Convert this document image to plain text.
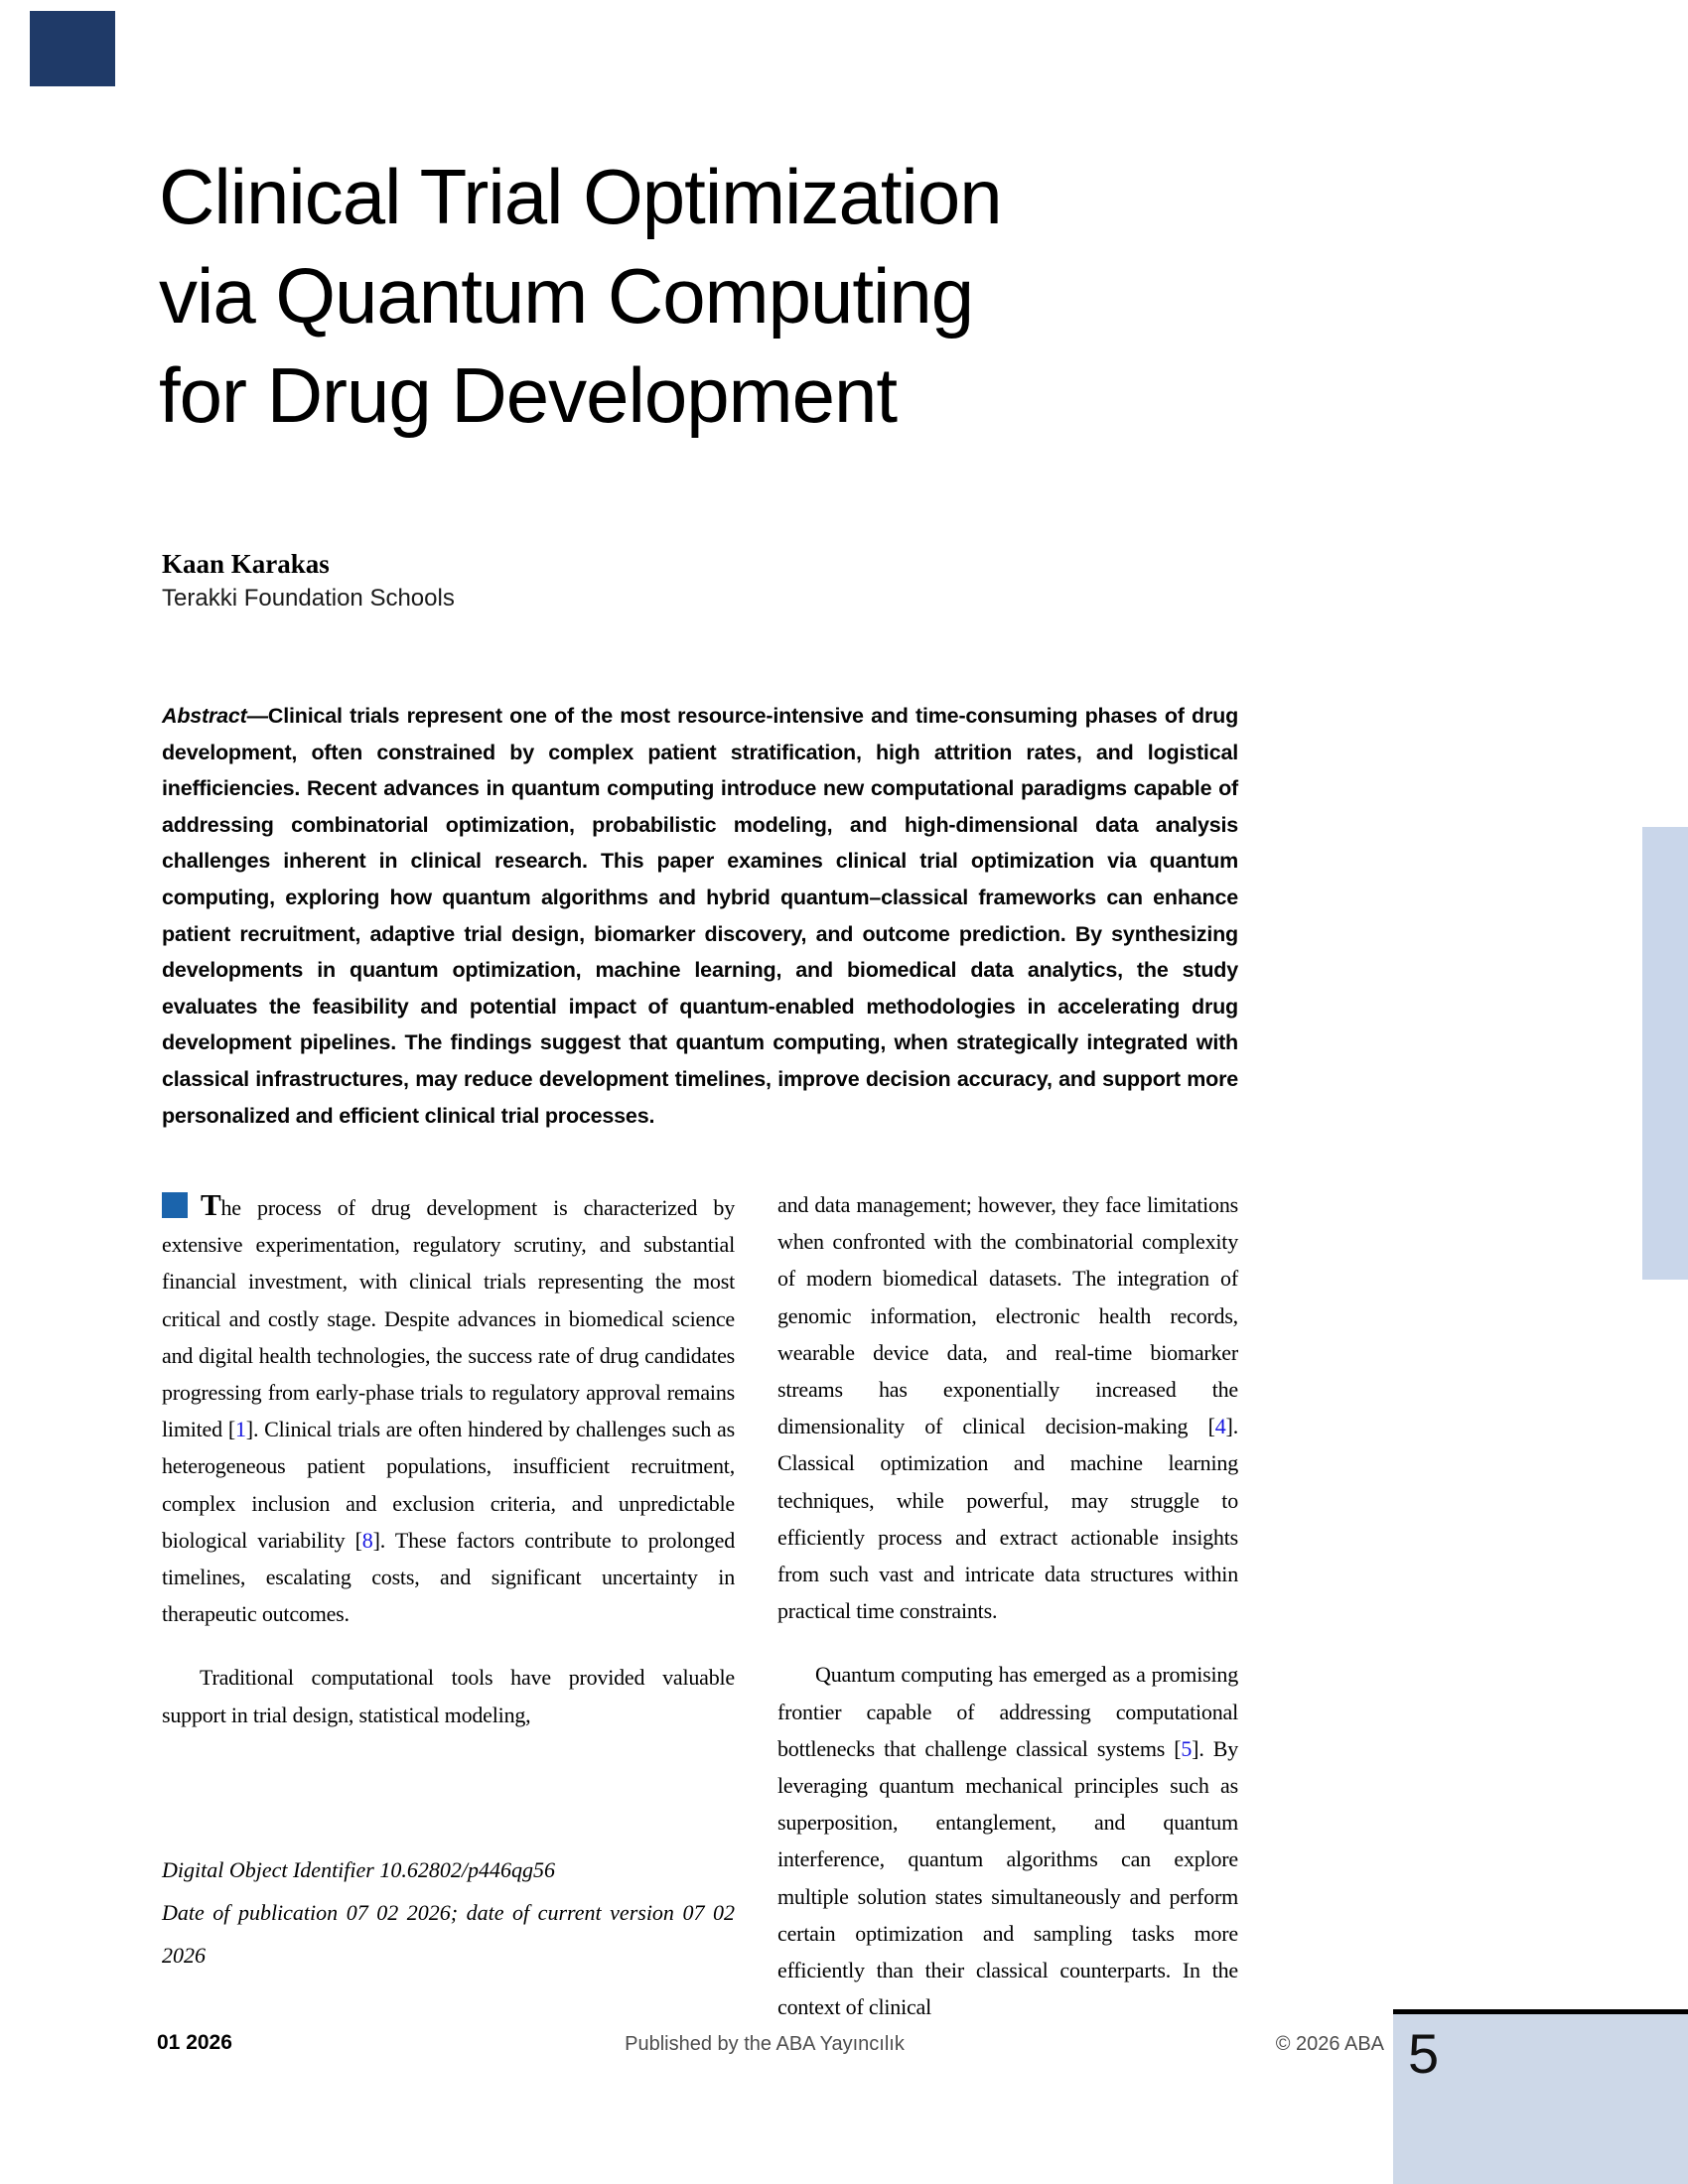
Clinical Trial Optimization
via Quantum Computing
for Drug Development
Kaan Karakas
Terakki Foundation Schools
Abstract—Clinical trials represent one of the most resource-intensive and time-consuming phases of drug development, often constrained by complex patient stratification, high attrition rates, and logistical inefficiencies. Recent advances in quantum computing introduce new computational paradigms capable of addressing combinatorial optimization, probabilistic modeling, and high-dimensional data analysis challenges inherent in clinical research. This paper examines clinical trial optimization via quantum computing, exploring how quantum algorithms and hybrid quantum–classical frameworks can enhance patient recruitment, adaptive trial design, biomarker discovery, and outcome prediction. By synthesizing developments in quantum optimization, machine learning, and biomedical data analytics, the study evaluates the feasibility and potential impact of quantum-enabled methodologies in accelerating drug development pipelines. The findings suggest that quantum computing, when strategically integrated with classical infrastructures, may reduce development timelines, improve decision accuracy, and support more personalized and efficient clinical trial processes.

The process of drug development is characterized by extensive experimentation, regulatory scrutiny, and substantial financial investment, with clinical trials representing the most critical and costly stage. Despite advances in biomedical science and digital health technologies, the success rate of drug candidates progressing from early-phase trials to regulatory approval remains limited [1]. Clinical trials are often hindered by challenges such as heterogeneous patient populations, insufficient recruitment, complex inclusion and exclusion criteria, and unpredictable biological variability [8]. These factors contribute to prolonged timelines, escalating costs, and significant uncertainty in therapeutic outcomes.

Traditional computational tools have provided valuable support in trial design, statistical modeling,

and data management; however, they face limitations when confronted with the combinatorial complexity of modern biomedical datasets. The integration of genomic information, electronic health records, wearable device data, and real-time biomarker streams has exponentially increased the dimensionality of clinical decision-making [4]. Classical optimization and machine learning techniques, while powerful, may struggle to efficiently process and extract actionable insights from such vast and intricate data structures within practical time constraints.

Quantum computing has emerged as a promising frontier capable of addressing computational bottlenecks that challenge classical systems [5]. By leveraging quantum mechanical principles such as superposition, entanglement, and quantum interference, quantum algorithms can explore multiple solution states simultaneously and perform certain optimization and sampling tasks more efficiently than their classical counterparts. In the context of clinical

Digital Object Identifier 10.62802/p446qg56
Date of publication 07 02 2026; date of current version 07 02 2026
01 2026	Published by the ABA Yayıncılık	© 2026 ABA 5
